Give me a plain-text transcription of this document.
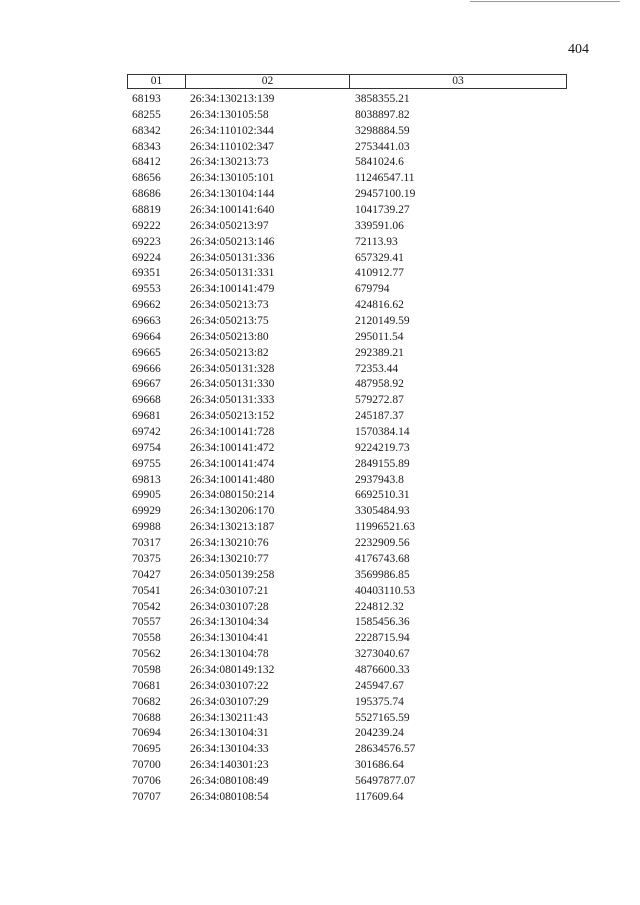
404
01	02	03
68193	26:34:130213:139	3858355.21
68255	26:34:130105:58	8038897.82
68342	26:34:110102:344	3298884.59
68343	26:34:110102:347	2753441.03
68412	26:34:130213:73	5841024.6
68656	26:34:130105:101	11246547.11
68686	26:34:130104:144	29457100.19
68819	26:34:100141:640	1041739.27
69222	26:34:050213:97	339591.06
69223	26:34:050213:146	72113.93
69224	26:34:050131:336	657329.41
69351	26:34:050131:331	410912.77
69553	26:34:100141:479	679794
69662	26:34:050213:73	424816.62
69663	26:34:050213:75	2120149.59
69664	26:34:050213:80	295011.54
69665	26:34:050213:82	292389.21
69666	26:34:050131:328	72353.44
69667	26:34:050131:330	487958.92
69668	26:34:050131:333	579272.87
69681	26:34:050213:152	245187.37
69742	26:34:100141:728	1570384.14
69754	26:34:100141:472	9224219.73
69755	26:34:100141:474	2849155.89
69813	26:34:100141:480	2937943.8
69905	26:34:080150:214	6692510.31
69929	26:34:130206:170	3305484.93
69988	26:34:130213:187	11996521.63
70317	26:34:130210:76	2232909.56
70375	26:34:130210:77	4176743.68
70427	26:34:050139:258	3569986.85
70541	26:34:030107:21	40403110.53
70542	26:34:030107:28	224812.32
70557	26:34:130104:34	1585456.36
70558	26:34:130104:41	2228715.94
70562	26:34:130104:78	3273040.67
70598	26:34:080149:132	4876600.33
70681	26:34:030107:22	245947.67
70682	26:34:030107:29	195375.74
70688	26:34:130211:43	5527165.59
70694	26:34:130104:31	204239.24
70695	26:34:130104:33	28634576.57
70700	26:34:140301:23	301686.64
70706	26:34:080108:49	56497877.07
70707	26:34:080108:54	117609.64
